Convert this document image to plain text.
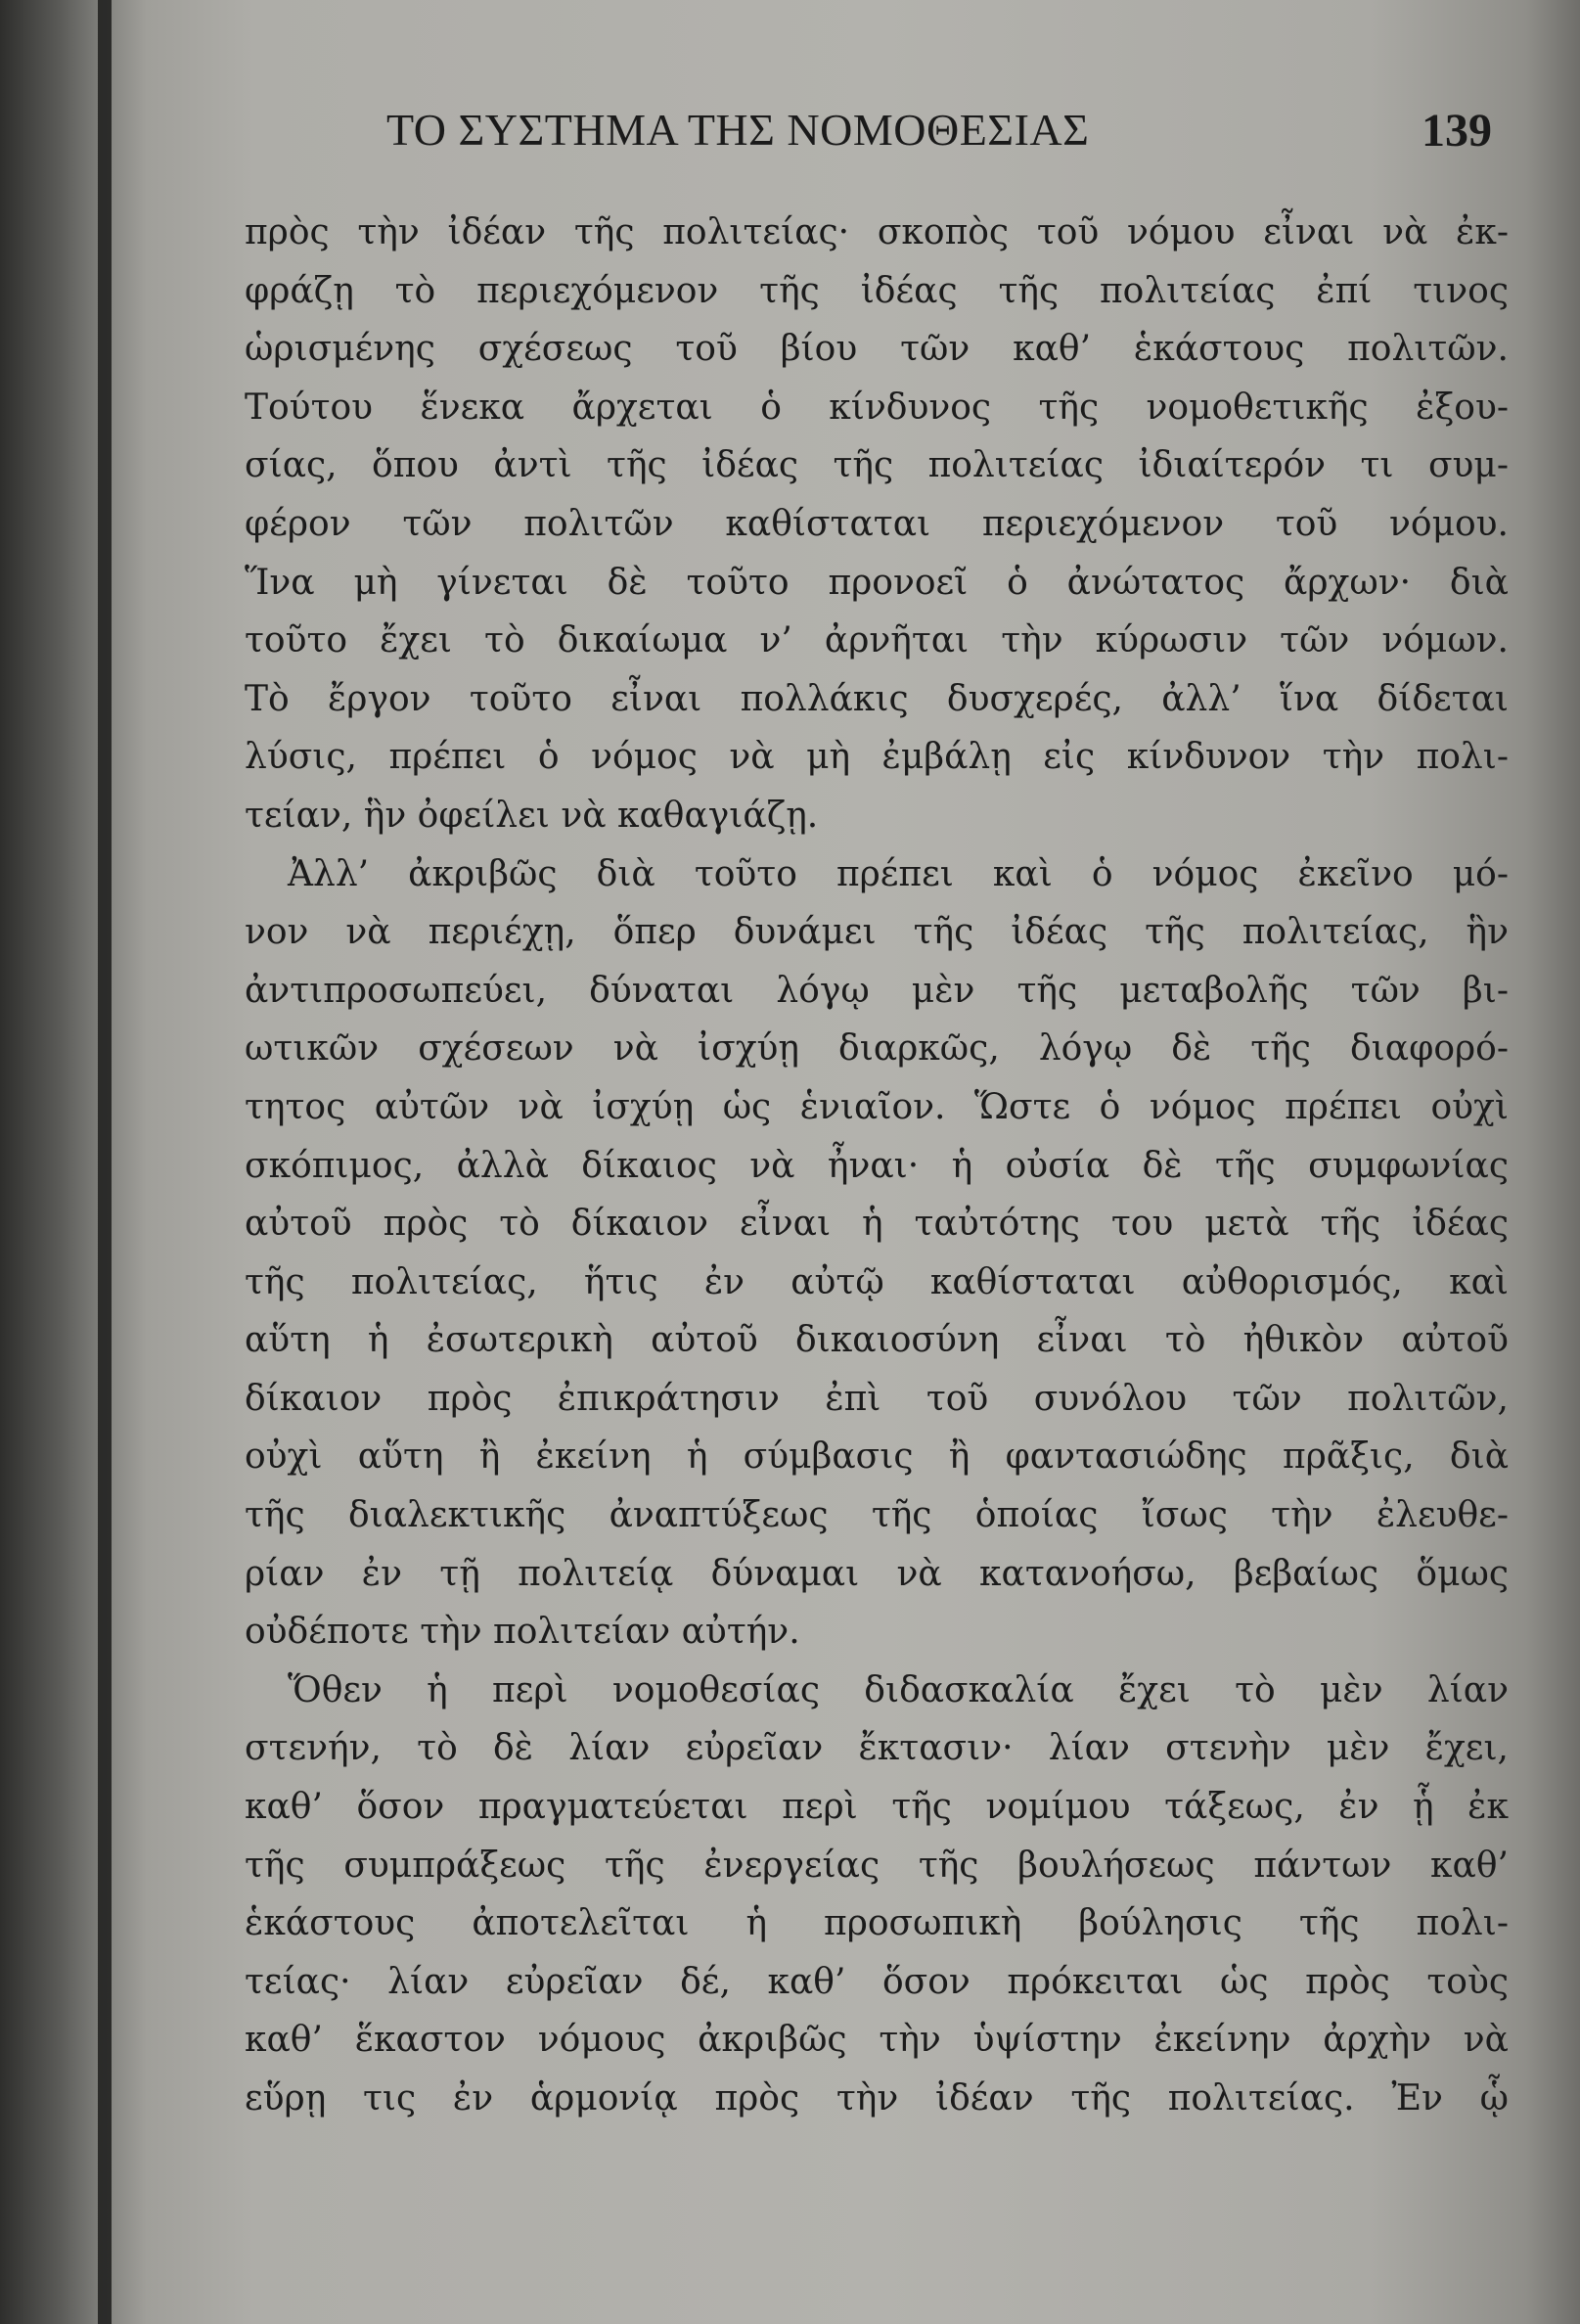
ΤΟ ΣΥΣΤΗΜΑ ΤΗΣ ΝΟΜΟΘΕΣΙΑΣ	139
πρὸς τὴν ἰδέαν τῆς πολιτείας· σκοπὸς τοῦ νόμου εἶναι νὰ ἐκ-
φράζῃ τὸ περιεχόμενον τῆς ἰδέας τῆς πολιτείας ἐπί τινος
ὡρισμένης σχέσεως τοῦ βίου τῶν καθ’ ἑκάστους πολιτῶν.
Τούτου ἕνεκα ἄρχεται ὁ κίνδυνος τῆς νομοθετικῆς ἐξου-
σίας, ὅπου ἀντὶ τῆς ἰδέας τῆς πολιτείας ἰδιαίτερόν τι συμ-
φέρον τῶν πολιτῶν καθίσταται περιεχόμενον τοῦ νόμου.
Ἵνα μὴ γίνεται δὲ τοῦτο προνοεῖ ὁ ἀνώτατος ἄρχων· διὰ
τοῦτο ἔχει τὸ δικαίωμα ν’ ἀρνῆται τὴν κύρωσιν τῶν νόμων.
Τὸ ἔργον τοῦτο εἶναι πολλάκις δυσχερές, ἀλλ’ ἵνα δίδεται
λύσις, πρέπει ὁ νόμος νὰ μὴ ἐμβάλῃ εἰς κίνδυνον τὴν πολι-
τείαν, ἣν ὀφείλει νὰ καθαγιάζῃ.
Ἀλλ’ ἀκριβῶς διὰ τοῦτο πρέπει καὶ ὁ νόμος ἐκεῖνο μό-
νον νὰ περιέχῃ, ὅπερ δυνάμει τῆς ἰδέας τῆς πολιτείας, ἣν
ἀντιπροσωπεύει, δύναται λόγῳ μὲν τῆς μεταβολῆς τῶν βι-
ωτικῶν σχέσεων νὰ ἰσχύῃ διαρκῶς, λόγῳ δὲ τῆς διαφορό-
τητος αὐτῶν νὰ ἰσχύῃ ὡς ἑνιαῖον. Ὥστε ὁ νόμος πρέπει οὐχὶ
σκόπιμος, ἀλλὰ δίκαιος νὰ ἦναι· ἡ οὐσία δὲ τῆς συμφωνίας
αὐτοῦ πρὸς τὸ δίκαιον εἶναι ἡ ταὐτότης του μετὰ τῆς ἰδέας
τῆς πολιτείας, ἥτις ἐν αὐτῷ καθίσταται αὐθορισμός, καὶ
αὕτη ἡ ἐσωτερικὴ αὐτοῦ δικαιοσύνη εἶναι τὸ ἠθικὸν αὐτοῦ
δίκαιον πρὸς ἐπικράτησιν ἐπὶ τοῦ συνόλου τῶν πολιτῶν,
οὐχὶ αὕτη ἢ ἐκείνη ἡ σύμβασις ἢ φαντασιώδης πρᾶξις, διὰ
τῆς διαλεκτικῆς ἀναπτύξεως τῆς ὁποίας ἴσως τὴν ἐλευθε-
ρίαν ἐν τῇ πολιτείᾳ δύναμαι νὰ κατανοήσω, βεβαίως ὅμως
οὐδέποτε τὴν πολιτείαν αὐτήν.
Ὅθεν ἡ περὶ νομοθεσίας διδασκαλία ἔχει τὸ μὲν λίαν
στενήν, τὸ δὲ λίαν εὐρεῖαν ἔκτασιν· λίαν στενὴν μὲν ἔχει,
καθ’ ὅσον πραγματεύεται περὶ τῆς νομίμου τάξεως, ἐν ᾗ ἐκ
τῆς συμπράξεως τῆς ἐνεργείας τῆς βουλήσεως πάντων καθ’
ἑκάστους ἀποτελεῖται ἡ προσωπικὴ βούλησις τῆς πολι-
τείας· λίαν εὐρεῖαν δέ, καθ’ ὅσον πρόκειται ὡς πρὸς τοὺς
καθ’ ἕκαστον νόμους ἀκριβῶς τὴν ὑψίστην ἐκείνην ἀρχὴν νὰ
εὕρῃ τις ἐν ἁρμονίᾳ πρὸς τὴν ἰδέαν τῆς πολιτείας. Ἐν ᾧ
